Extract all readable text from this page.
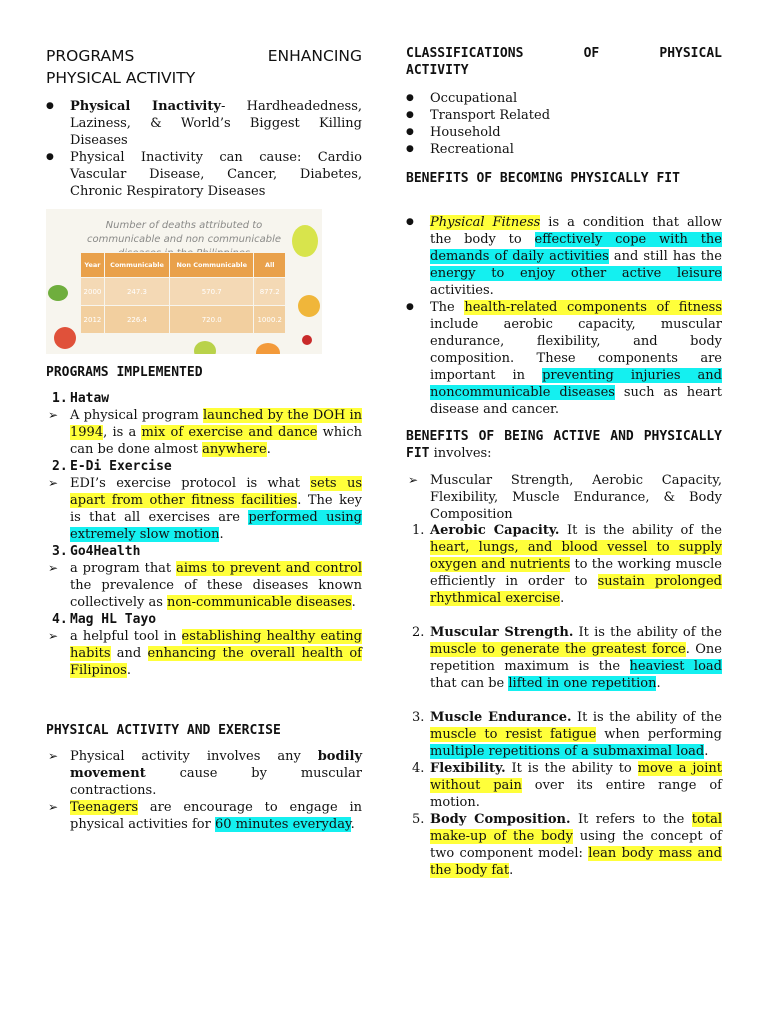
PROGRAMS	ENHANCING
PHYSICAL ACTIVITY
● Physical Inactivity- Hardheadedness, Laziness, & World’s Biggest Killing Diseases
● Physical Inactivity can cause: Cardio Vascular Disease, Cancer, Diabetes, Chronic Respiratory Diseases
Number of deaths attributed to communicable and non communicable
Year	Communicable	Non Communicable	All
2000	247.3	570.7	877.2
2012	226.4	720.0	1000.2
PROGRAMS IMPLEMENTED
1. Hataw
➢ A physical program launched by the DOH in 1994, is a mix of exercise and dance which can be done almost anywhere.
2. E-Di Exercise
➢ EDI’s exercise protocol is what sets us apart from other fitness facilities. The key is that all exercises are performed using extremely slow motion.
3. Go4Health
➢ a program that aims to prevent and control the prevalence of these diseases known collectively as non-communicable diseases.
4. Mag HL Tayo
➢ a helpful tool in establishing healthy eating habits and enhancing the overall health of Filipinos.
PHYSICAL ACTIVITY AND EXERCISE
➢ Physical activity involves any bodily movement cause by muscular contractions.
➢ Teenagers are encourage to engage in physical activities for 60 minutes everyday.
CLASSIFICATIONS	OF	PHYSICAL
ACTIVITY
● Occupational
● Transport Related
● Household
● Recreational
BENEFITS OF BECOMING PHYSICALLY FIT
● Physical Fitness is a condition that allow the body to effectively cope with the demands of daily activities and still has the energy to enjoy other active leisure activities.
● The health-related components of fitness include aerobic capacity, muscular endurance, flexibility, and body composition. These components are important in preventing injuries and noncommunicable diseases such as heart disease and cancer.
BENEFITS OF BEING ACTIVE AND PHYSICALLY FIT involves:
➢ Muscular Strength, Aerobic Capacity, Flexibility, Muscle Endurance, & Body Composition
1. Aerobic Capacity. It is the ability of the heart, lungs, and blood vessel to supply oxygen and nutrients to the working muscle efficiently in order to sustain prolonged rhythmical exercise.
2. Muscular Strength. It is the ability of the muscle to generate the greatest force. One repetition maximum is the heaviest load that can be lifted in one repetition.
3. Muscle Endurance. It is the ability of the muscle to resist fatigue when performing multiple repetitions of a submaximal load.
4. Flexibility. It is the ability to move a joint without pain over its entire range of motion.
5. Body Composition. It refers to the total make-up of the body using the concept of two component model: lean body mass and the body fat.
